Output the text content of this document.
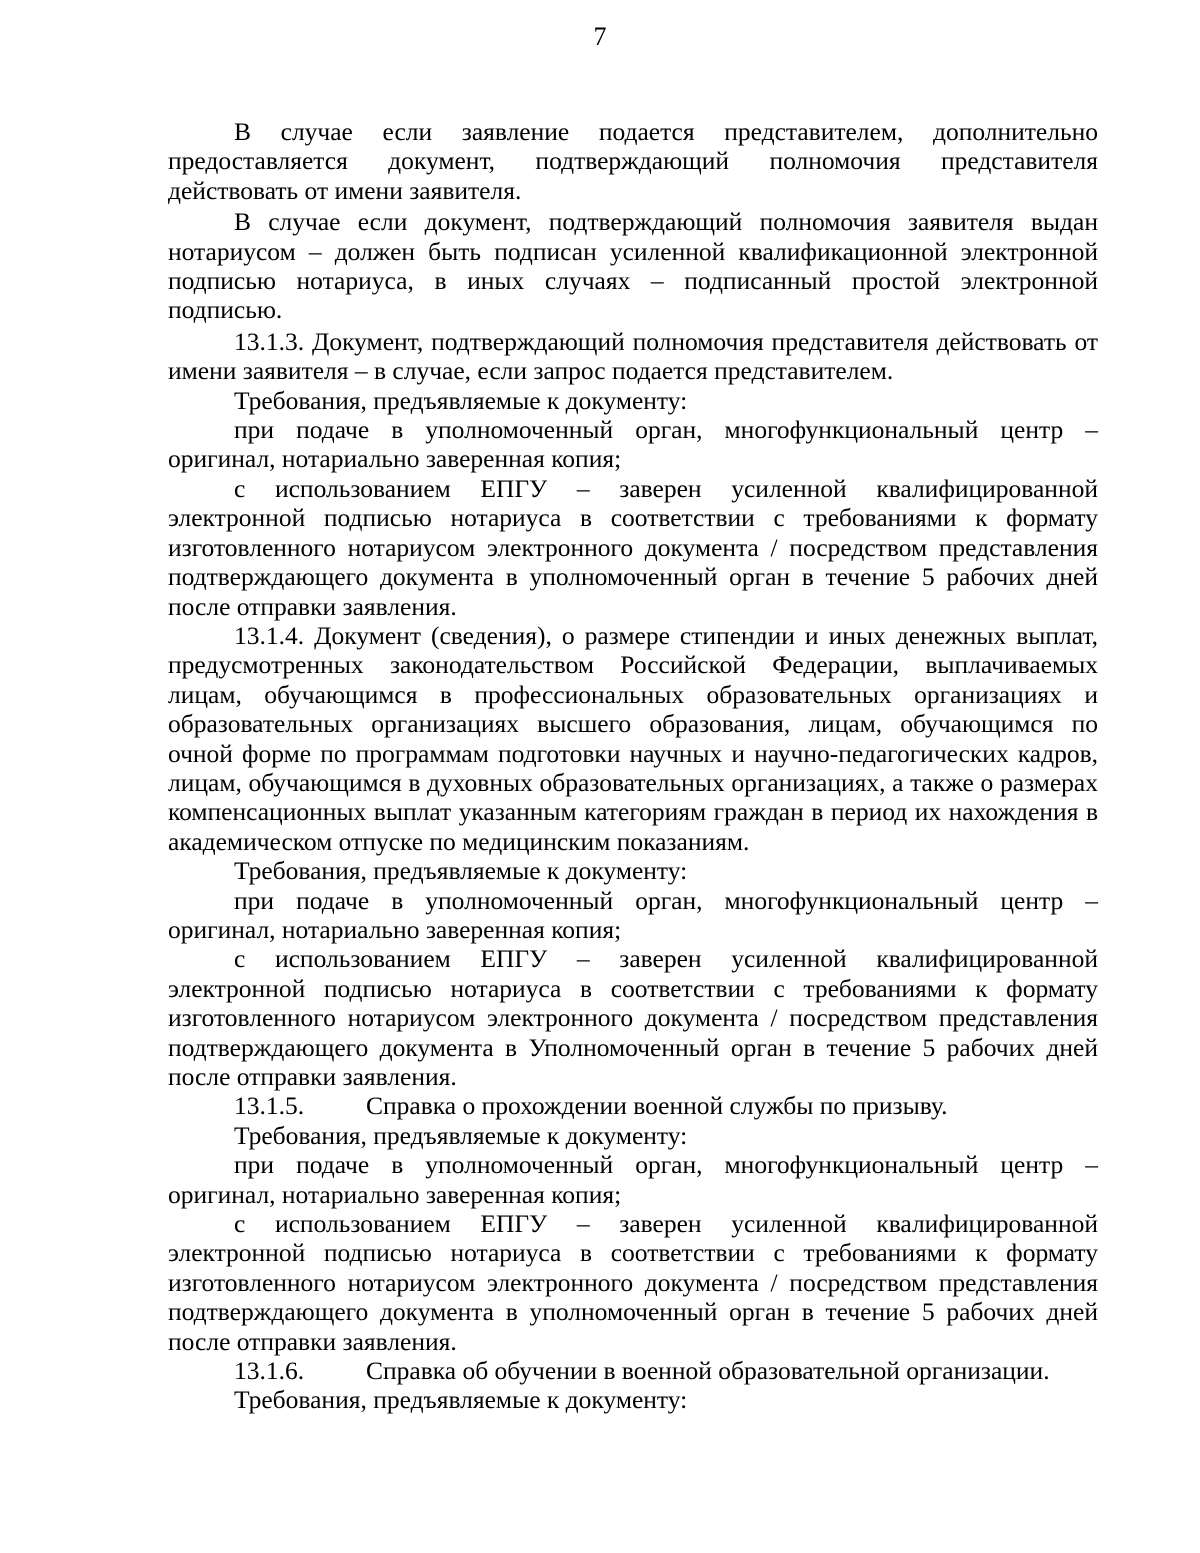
7

В случае если заявление подается представителем, дополнительно предоставляется документ, подтверждающий полномочия представителя действовать от имени заявителя.

В случае если документ, подтверждающий полномочия заявителя выдан нотариусом – должен быть подписан усиленной квалификационной электронной подписью нотариуса, в иных случаях – подписанный простой электронной подписью.

13.1.3. Документ, подтверждающий полномочия представителя действовать от имени заявителя – в случае, если запрос подается представителем.

Требования, предъявляемые к документу:

при подаче в уполномоченный орган, многофункциональный центр – оригинал, нотариально заверенная копия;

с использованием ЕПГУ – заверен усиленной квалифицированной электронной подписью нотариуса в соответствии с требованиями к формату изготовленного нотариусом электронного документа / посредством представления подтверждающего документа в уполномоченный орган в течение 5 рабочих дней после отправки заявления.

13.1.4. Документ (сведения), о размере стипендии и иных денежных выплат, предусмотренных законодательством Российской Федерации, выплачиваемых лицам, обучающимся в профессиональных образовательных организациях и образовательных организациях высшего образования, лицам, обучающимся по очной форме по программам подготовки научных и научно-педагогических кадров, лицам, обучающимся в духовных образовательных организациях, а также о размерах компенсационных выплат указанным категориям граждан в период их нахождения в академическом отпуске по медицинским показаниям.

Требования, предъявляемые к документу:

при подаче в уполномоченный орган, многофункциональный центр – оригинал, нотариально заверенная копия;

с использованием ЕПГУ – заверен усиленной квалифицированной электронной подписью нотариуса в соответствии с требованиями к формату изготовленного нотариусом электронного документа / посредством представления подтверждающего документа в Уполномоченный орган в течение 5 рабочих дней после отправки заявления.

13.1.5.	Справка о прохождении военной службы по призыву.

Требования, предъявляемые к документу:

при подаче в уполномоченный орган, многофункциональный центр – оригинал, нотариально заверенная копия;

с использованием ЕПГУ – заверен усиленной квалифицированной электронной подписью нотариуса в соответствии с требованиями к формату изготовленного нотариусом электронного документа / посредством представления подтверждающего документа в уполномоченный орган в течение 5 рабочих дней после отправки заявления.

13.1.6.	Справка об обучении в военной образовательной организации.

Требования, предъявляемые к документу:
